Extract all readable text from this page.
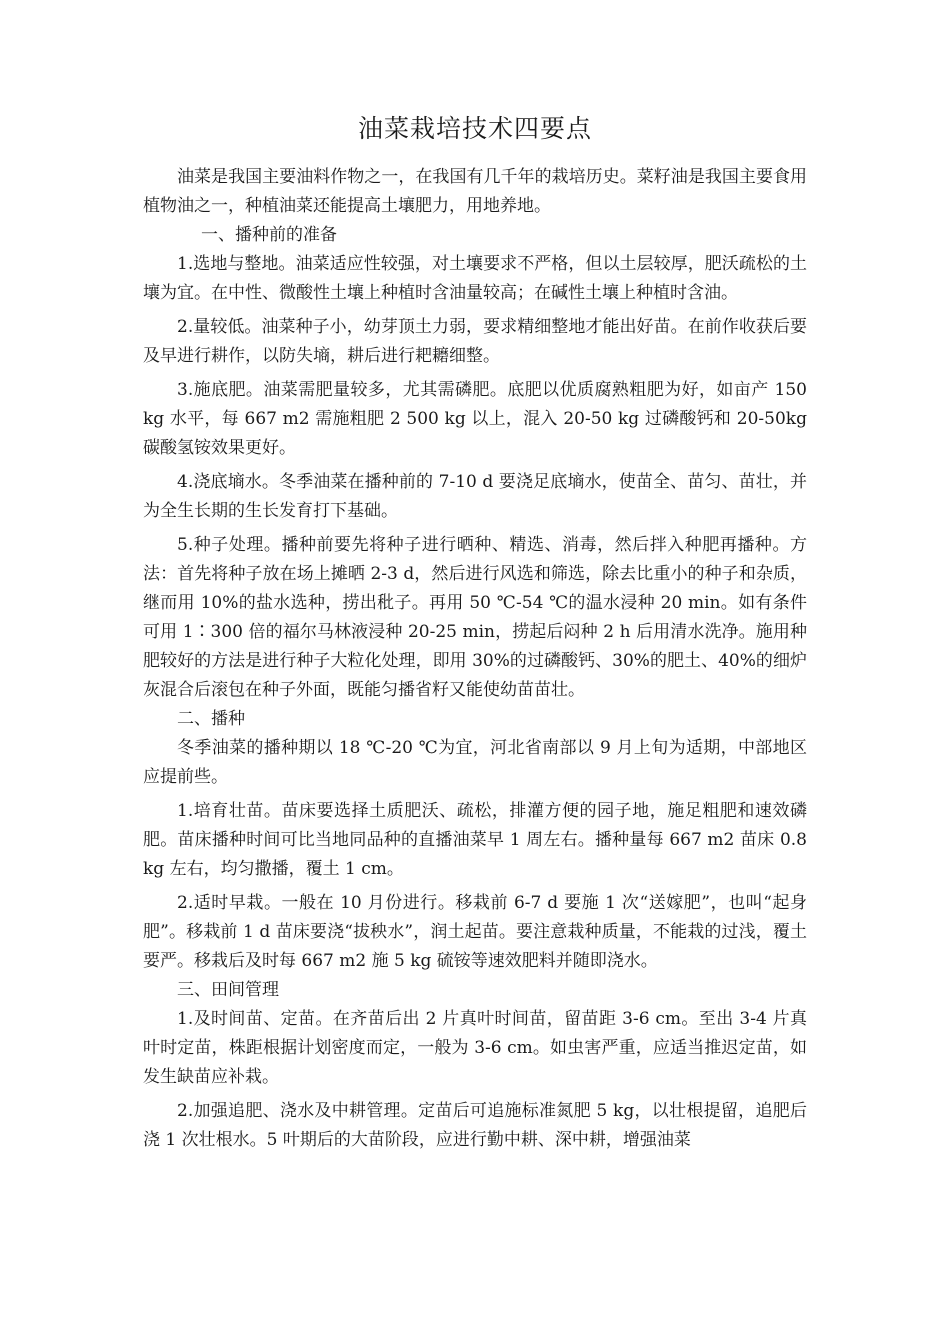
油菜栽培技术四要点

油菜是我国主要油料作物之一，在我国有几千年的栽培历史。菜籽油是我国主要食用植物油之一，种植油菜还能提高土壤肥力，用地养地。

一、播种前的准备

1.选地与整地。油菜适应性较强，对土壤要求不严格，但以土层较厚，肥沃疏松的土壤为宜。在中性、微酸性土壤上种植时含油量较高；在碱性土壤上种植时含油。

2.量较低。油菜种子小，幼芽顶土力弱，要求精细整地才能出好苗。在前作收获后要及早进行耕作，以防失墒，耕后进行耙耱细整。

3.施底肥。油菜需肥量较多，尤其需磷肥。底肥以优质腐熟粗肥为好，如亩产 150 kg 水平，每 667 m2 需施粗肥 2 500 kg 以上，混入 20-50 kg 过磷酸钙和 20-50kg 碳酸氢铵效果更好。

4.浇底墒水。冬季油菜在播种前的 7-10 d 要浇足底墒水，使苗全、苗匀、苗壮，并为全生长期的生长发育打下基础。

5.种子处理。播种前要先将种子进行晒种、精选、消毒，然后拌入种肥再播种。方法：首先将种子放在场上摊晒 2-3 d，然后进行风选和筛选，除去比重小的种子和杂质，继而用 10%的盐水选种，捞出秕子。再用 50 ℃-54 ℃的温水浸种 20 min。如有条件可用 1∶300 倍的福尔马林液浸种 20-25 min，捞起后闷种 2 h 后用清水洗净。施用种肥较好的方法是进行种子大粒化处理，即用 30%的过磷酸钙、30%的肥土、40%的细炉灰混合后滚包在种子外面，既能匀播省籽又能使幼苗苗壮。

二、播种

冬季油菜的播种期以 18 ℃-20 ℃为宜，河北省南部以 9 月上旬为适期，中部地区应提前些。

1.培育壮苗。苗床要选择土质肥沃、疏松，排灌方便的园子地，施足粗肥和速效磷肥。苗床播种时间可比当地同品种的直播油菜早 1 周左右。播种量每 667 m2 苗床 0.8 kg 左右，均匀撒播，覆土 1 cm。

2.适时早栽。一般在 10 月份进行。移栽前 6-7 d 要施 1 次“送嫁肥”，也叫“起身肥”。移栽前 1 d 苗床要浇“拔秧水”，润土起苗。要注意栽种质量，不能栽的过浅，覆土要严。移栽后及时每 667 m2 施 5 kg 硫铵等速效肥料并随即浇水。

三、田间管理

1.及时间苗、定苗。在齐苗后出 2 片真叶时间苗，留苗距 3-6 cm。至出 3-4 片真叶时定苗，株距根据计划密度而定，一般为 3-6 cm。如虫害严重，应适当推迟定苗，如发生缺苗应补栽。

2.加强追肥、浇水及中耕管理。定苗后可追施标准氮肥 5 kg，以壮根提留，追肥后浇 1 次壮根水。5 叶期后的大苗阶段，应进行勤中耕、深中耕，增强油菜
